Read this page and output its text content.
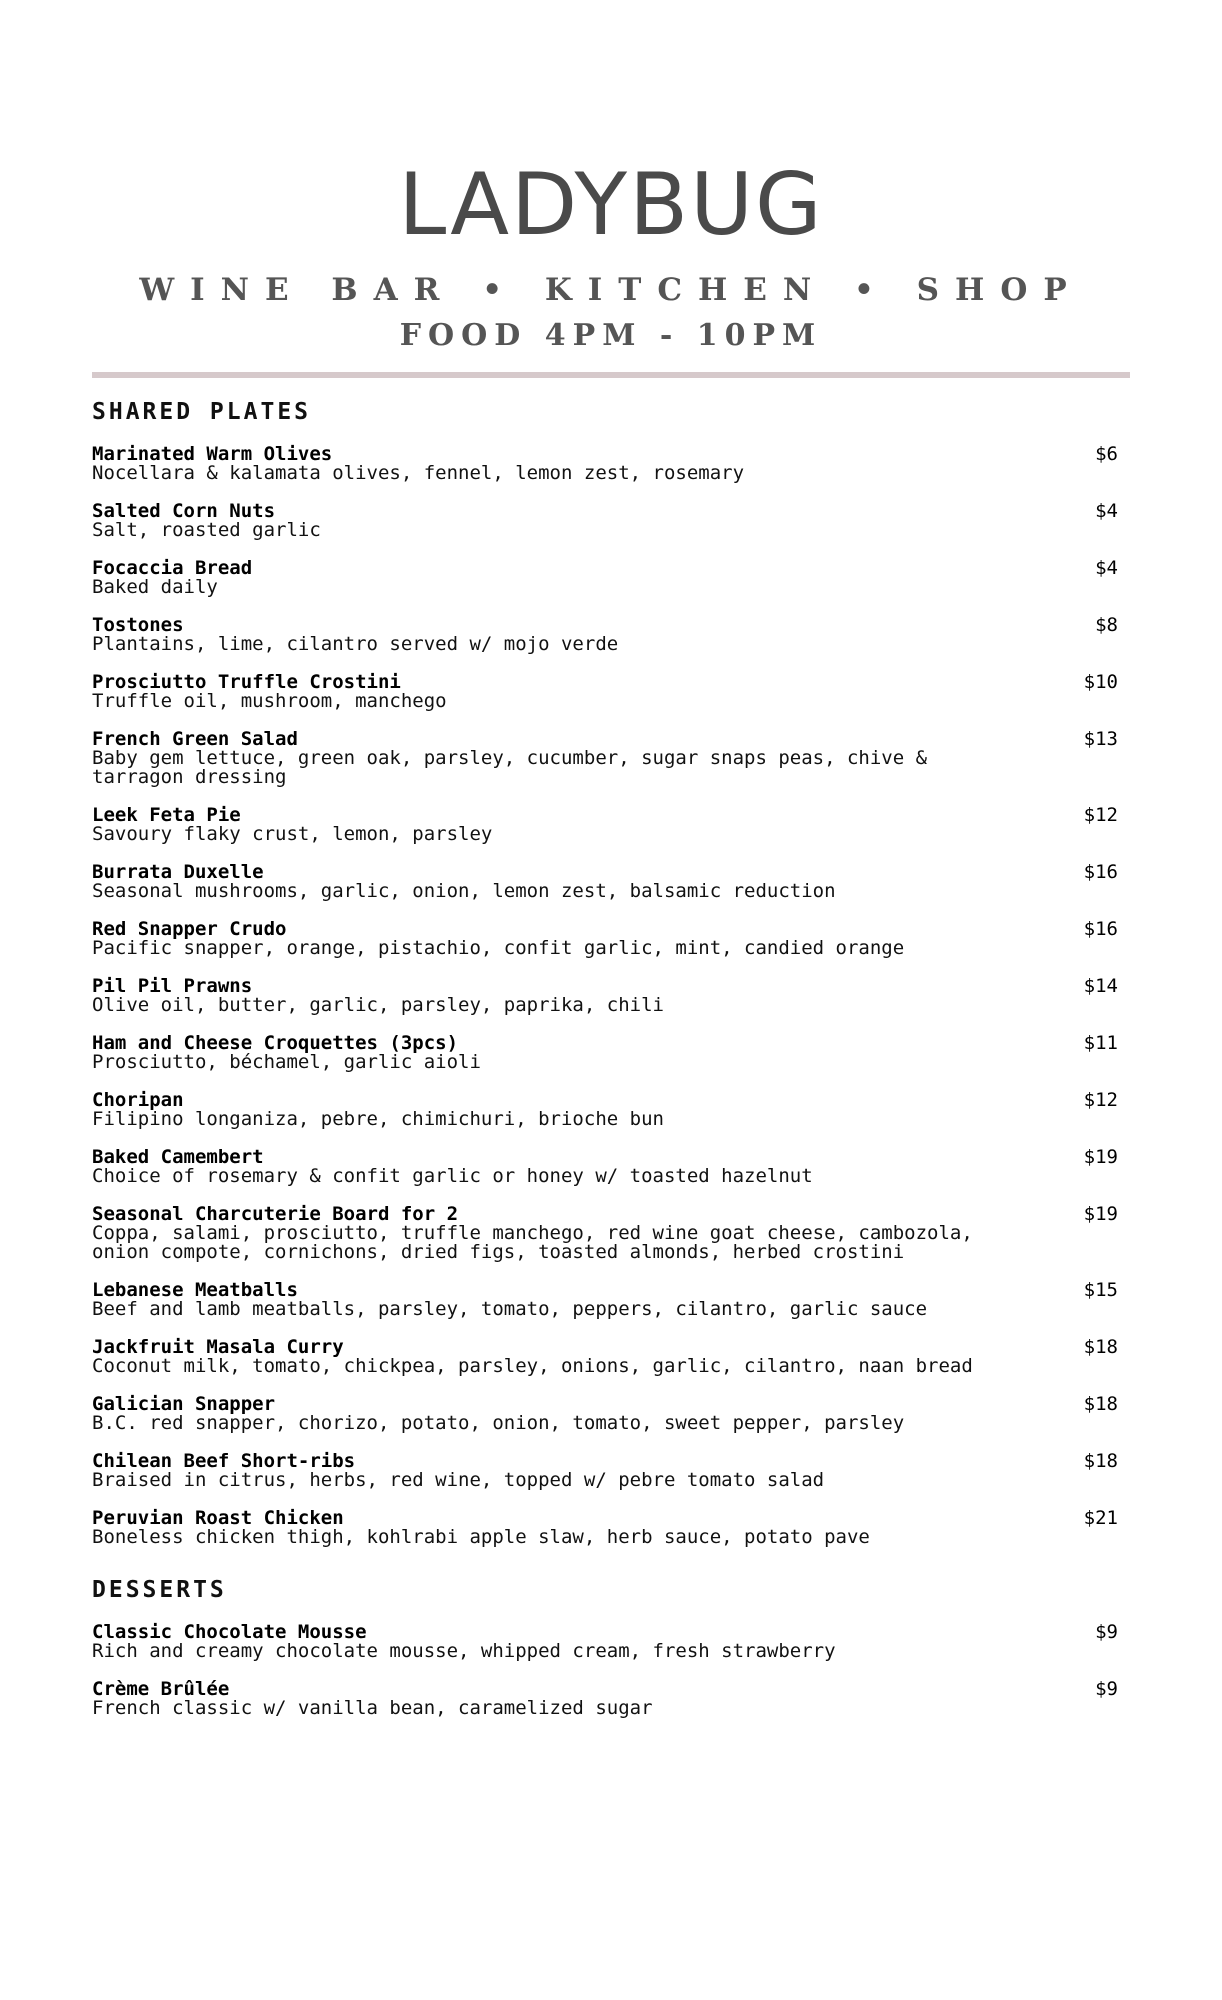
LADYBUG
WINE BAR • KITCHEN • SHOP
FOOD 4PM - 10PM
SHARED PLATES
Marinated Warm Olives
Nocellara & kalamata olives, fennel, lemon zest, rosemary
$6
Salted Corn Nuts
Salt, roasted garlic
$4
Focaccia Bread
Baked daily
$4
Tostones
Plantains, lime, cilantro served w/ mojo verde
$8
Prosciutto Truffle Crostini
Truffle oil, mushroom, manchego
$10
French Green Salad
Baby gem lettuce, green oak, parsley, cucumber, sugar snaps peas, chive & tarragon dressing
$13
Leek Feta Pie
Savoury flaky crust, lemon, parsley
$12
Burrata Duxelle
Seasonal mushrooms, garlic, onion, lemon zest, balsamic reduction
$16
Red Snapper Crudo
Pacific snapper, orange, pistachio, confit garlic, mint, candied orange
$16
Pil Pil Prawns
Olive oil, butter, garlic, parsley, paprika, chili
$14
Ham and Cheese Croquettes (3pcs)
Prosciutto, béchamel, garlic aioli
$11
Choripan
Filipino longaniza, pebre, chimichuri, brioche bun
$12
Baked Camembert
Choice of rosemary & confit garlic or honey w/ toasted hazelnut
$19
Seasonal Charcuterie Board for 2
Coppa, salami, prosciutto, truffle manchego, red wine goat cheese, cambozola, onion compote, cornichons, dried figs, toasted almonds, herbed crostini
$19
Lebanese Meatballs
Beef and lamb meatballs, parsley, tomato, peppers, cilantro, garlic sauce
$15
Jackfruit Masala Curry
Coconut milk, tomato, chickpea, parsley, onions, garlic, cilantro, naan bread
$18
Galician Snapper
B.C. red snapper, chorizo, potato, onion, tomato, sweet pepper, parsley
$18
Chilean Beef Short-ribs
Braised in citrus, herbs, red wine, topped w/ pebre tomato salad
$18
Peruvian Roast Chicken
Boneless chicken thigh, kohlrabi apple slaw, herb sauce, potato pave
$21
DESSERTS
Classic Chocolate Mousse
Rich and creamy chocolate mousse, whipped cream, fresh strawberry
$9
Crème Brûlée
French classic w/ vanilla bean, caramelized sugar
$9
